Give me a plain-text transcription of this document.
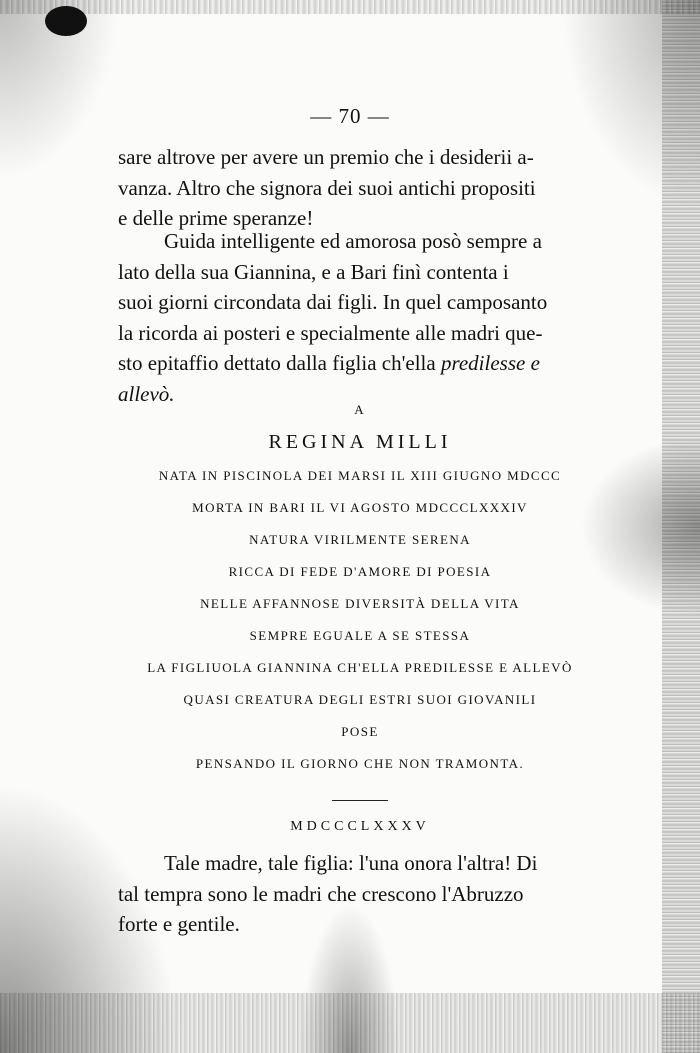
— 70 —
sare altrove per avere un premio che i desiderii a-
vanza. Altro che signora dei suoi antichi propositi
e delle prime speranze!
Guida intelligente ed amorosa posò sempre a
lato della sua Giannina, e a Bari finì contenta i
suoi giorni circondata dai figli. In quel camposanto
la ricorda ai posteri e specialmente alle madri que-
sto epitaffio dettato dalla figlia ch'ella predilesse e
allevò.
A
REGINA MILLI
NATA IN PISCINOLA DEI MARSI IL XIII GIUGNO MDCCC
MORTA IN BARI IL VI AGOSTO MDCCCLXXXIV
NATURA VIRILMENTE SERENA
RICCA DI FEDE D'AMORE DI POESIA
NELLE AFFANNOSE DIVERSITÀ DELLA VITA
SEMPRE EGUALE A SE STESSA
LA FIGLIUOLA GIANNINA CH'ELLA PREDILESSE E ALLEVÒ
QUASI CREATURA DEGLI ESTRI SUOI GIOVANILI
POSE
PENSANDO IL GIORNO CHE NON TRAMONTA.
MDCCCLXXXV
Tale madre, tale figlia: l'una onora l'altra! Di
tal tempra sono le madri che crescono l'Abruzzo
forte e gentile.
